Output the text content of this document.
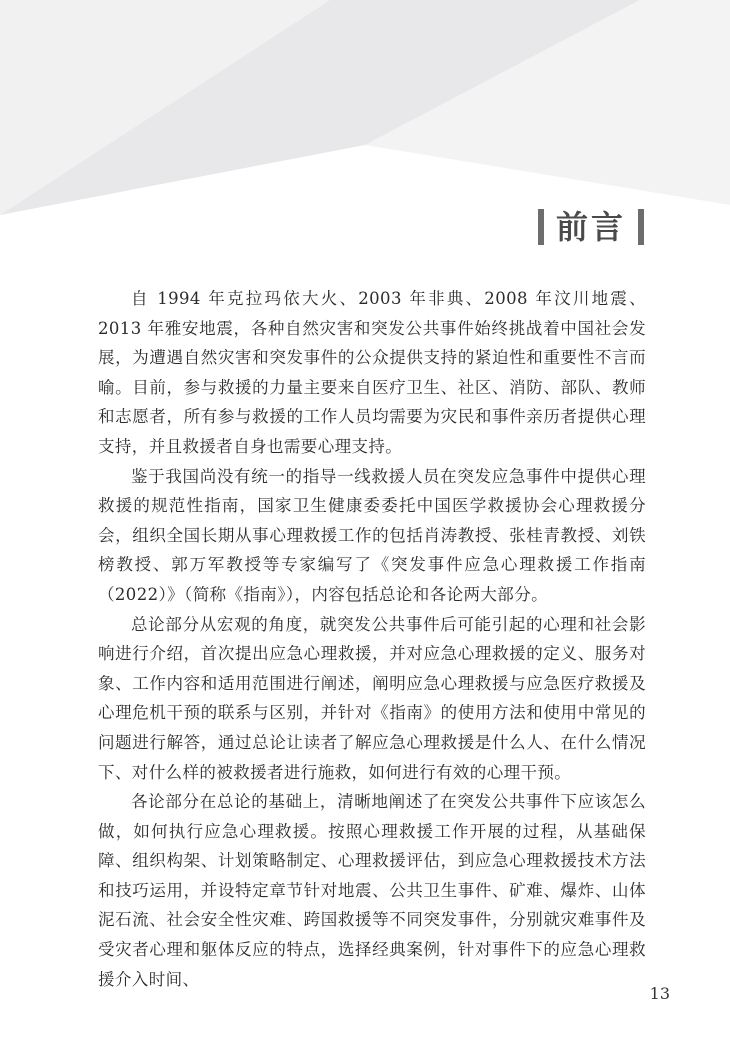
前言

自 1994 年克拉玛依大火、2003 年非典、2008 年汶川地震、2013 年雅安地震，各种自然灾害和突发公共事件始终挑战着中国社会发展，为遭遇自然灾害和突发事件的公众提供支持的紧迫性和重要性不言而喻。目前，参与救援的力量主要来自医疗卫生、社区、消防、部队、教师和志愿者，所有参与救援的工作人员均需要为灾民和事件亲历者提供心理支持，并且救援者自身也需要心理支持。

鉴于我国尚没有统一的指导一线救援人员在突发应急事件中提供心理救援的规范性指南，国家卫生健康委委托中国医学救援协会心理救援分会，组织全国长期从事心理救援工作的包括肖涛教授、张桂青教授、刘铁榜教授、郭万军教授等专家编写了《突发事件应急心理救援工作指南（2022）》（简称《指南》），内容包括总论和各论两大部分。

总论部分从宏观的角度，就突发公共事件后可能引起的心理和社会影响进行介绍，首次提出应急心理救援，并对应急心理救援的定义、服务对象、工作内容和适用范围进行阐述，阐明应急心理救援与应急医疗救援及心理危机干预的联系与区别，并针对《指南》的使用方法和使用中常见的问题进行解答，通过总论让读者了解应急心理救援是什么人、在什么情况下、对什么样的被救援者进行施救，如何进行有效的心理干预。

各论部分在总论的基础上，清晰地阐述了在突发公共事件下应该怎么做，如何执行应急心理救援。按照心理救援工作开展的过程，从基础保障、组织构架、计划策略制定、心理救援评估，到应急心理救援技术方法和技巧运用，并设特定章节针对地震、公共卫生事件、矿难、爆炸、山体泥石流、社会安全性灾难、跨国救援等不同突发事件，分别就灾难事件及受灾者心理和躯体反应的特点，选择经典案例，针对事件下的应急心理救援介入时间、

13
